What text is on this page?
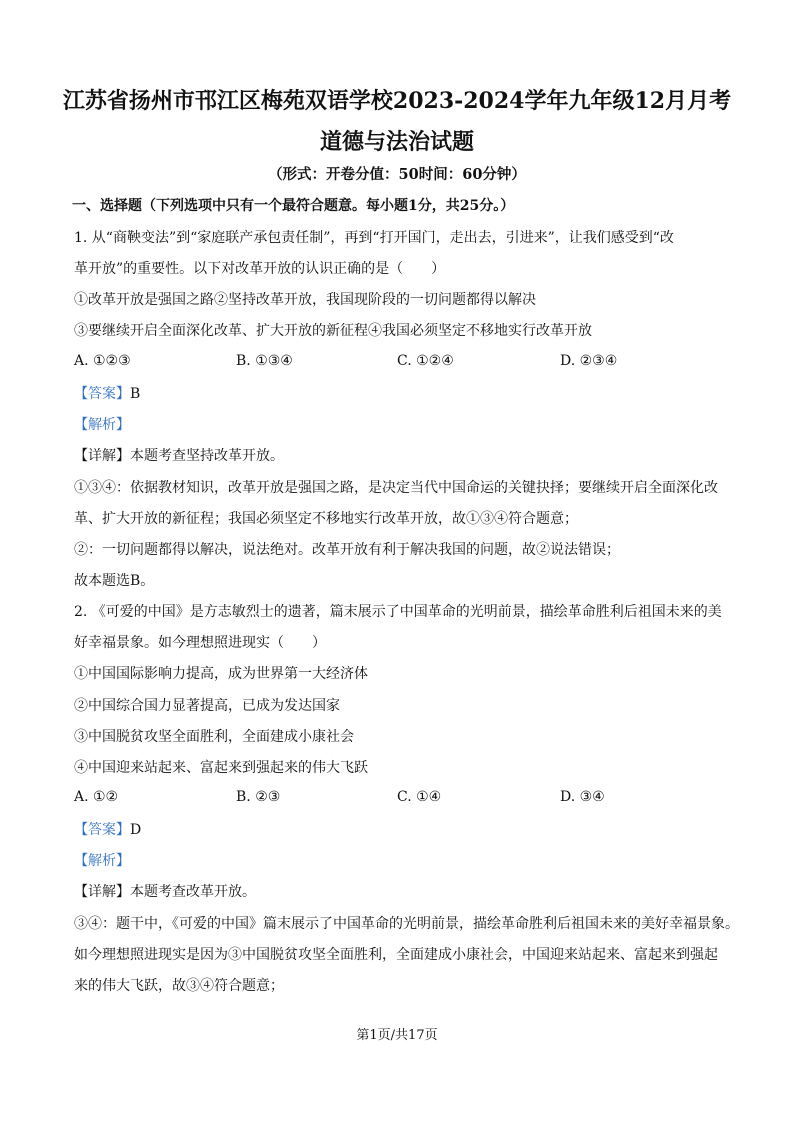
江苏省扬州市邗江区梅苑双语学校2023-2024学年九年级12月月考
道德与法治试题
（形式：开卷分值：50时间：60分钟）
一、选择题（下列选项中只有一个最符合题意。每小题1分，共25分。）
1. 从“商鞅变法”到“家庭联产承包责任制”，再到“打开国门，走出去，引进来”，让我们感受到“改
革开放”的重要性。以下对改革开放的认识正确的是（　　）
①改革开放是强国之路②坚持改革开放，我国现阶段的一切问题都得以解决
③要继续开启全面深化改革、扩大开放的新征程④我国必须坚定不移地实行改革开放
A. ①②③	B. ①③④	C. ①②④	D. ②③④
【答案】B
【解析】
【详解】本题考查坚持改革开放。
①③④：依据教材知识，改革开放是强国之路，是决定当代中国命运的关键抉择；要继续开启全面深化改
革、扩大开放的新征程；我国必须坚定不移地实行改革开放，故①③④符合题意；
②：一切问题都得以解决，说法绝对。改革开放有利于解决我国的问题，故②说法错误；
故本题选B。
2. 《可爱的中国》是方志敏烈士的遗著，篇末展示了中国革命的光明前景，描绘革命胜利后祖国未来的美
好幸福景象。如今理想照进现实（　　）
①中国国际影响力提高，成为世界第一大经济体
②中国综合国力显著提高，已成为发达国家
③中国脱贫攻坚全面胜利，全面建成小康社会
④中国迎来站起来、富起来到强起来的伟大飞跃
A. ①②	B. ②③	C. ①④	D. ③④
【答案】D
【解析】
【详解】本题考查改革开放。
③④：题干中，《可爱的中国》篇末展示了中国革命的光明前景，描绘革命胜利后祖国未来的美好幸福景象。
如今理想照进现实是因为③中国脱贫攻坚全面胜利，全面建成小康社会，中国迎来站起来、富起来到强起
来的伟大飞跃，故③④符合题意；
第1页/共17页
